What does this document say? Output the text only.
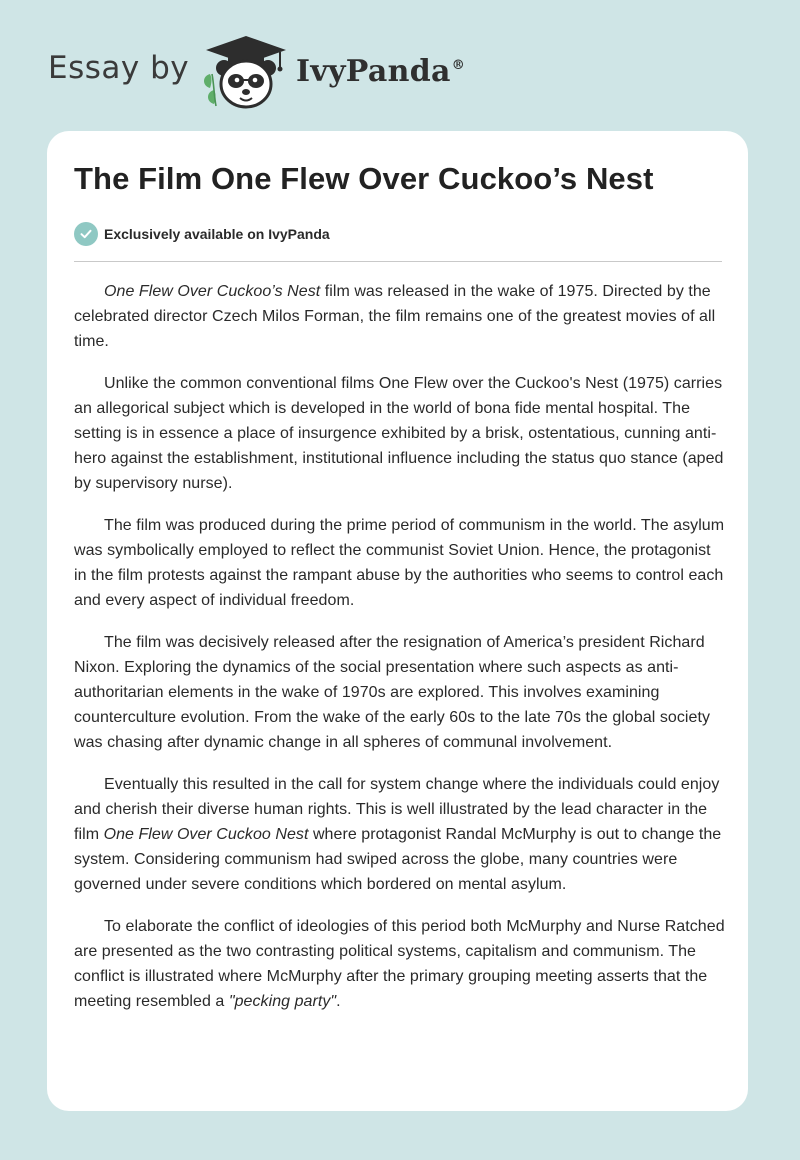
Essay by	IvyPanda®
The Film One Flew Over Cuckoo’s Nest
Exclusively available on IvyPanda

One Flew Over Cuckoo’s Nest film was released in the wake of 1975. Directed by the celebrated director Czech Milos Forman, the film remains one of the greatest movies of all time.

Unlike the common conventional films One Flew over the Cuckoo's Nest (1975) carries an allegorical subject which is developed in the world of bona fide mental hospital. The setting is in essence a place of insurgence exhibited by a brisk, ostentatious, cunning anti-hero against the establishment, institutional influence including the status quo stance (aped by supervisory nurse).

The film was produced during the prime period of communism in the world. The asylum was symbolically employed to reflect the communist Soviet Union. Hence, the protagonist in the film protests against the rampant abuse by the authorities who seems to control each and every aspect of individual freedom.

The film was decisively released after the resignation of America’s president Richard Nixon. Exploring the dynamics of the social presentation where such aspects as anti-authoritarian elements in the wake of 1970s are explored. This involves examining counterculture evolution. From the wake of the early 60s to the late 70s the global society was chasing after dynamic change in all spheres of communal involvement.

Eventually this resulted in the call for system change where the individuals could enjoy and cherish their diverse human rights. This is well illustrated by the lead character in the film One Flew Over Cuckoo Nest where protagonist Randal McMurphy is out to change the system. Considering communism had swiped across the globe, many countries were governed under severe conditions which bordered on mental asylum.

To elaborate the conflict of ideologies of this period both McMurphy and Nurse Ratched are presented as the two contrasting political systems, capitalism and communism. The conflict is illustrated where McMurphy after the primary grouping meeting asserts that the meeting resembled a "pecking party".
